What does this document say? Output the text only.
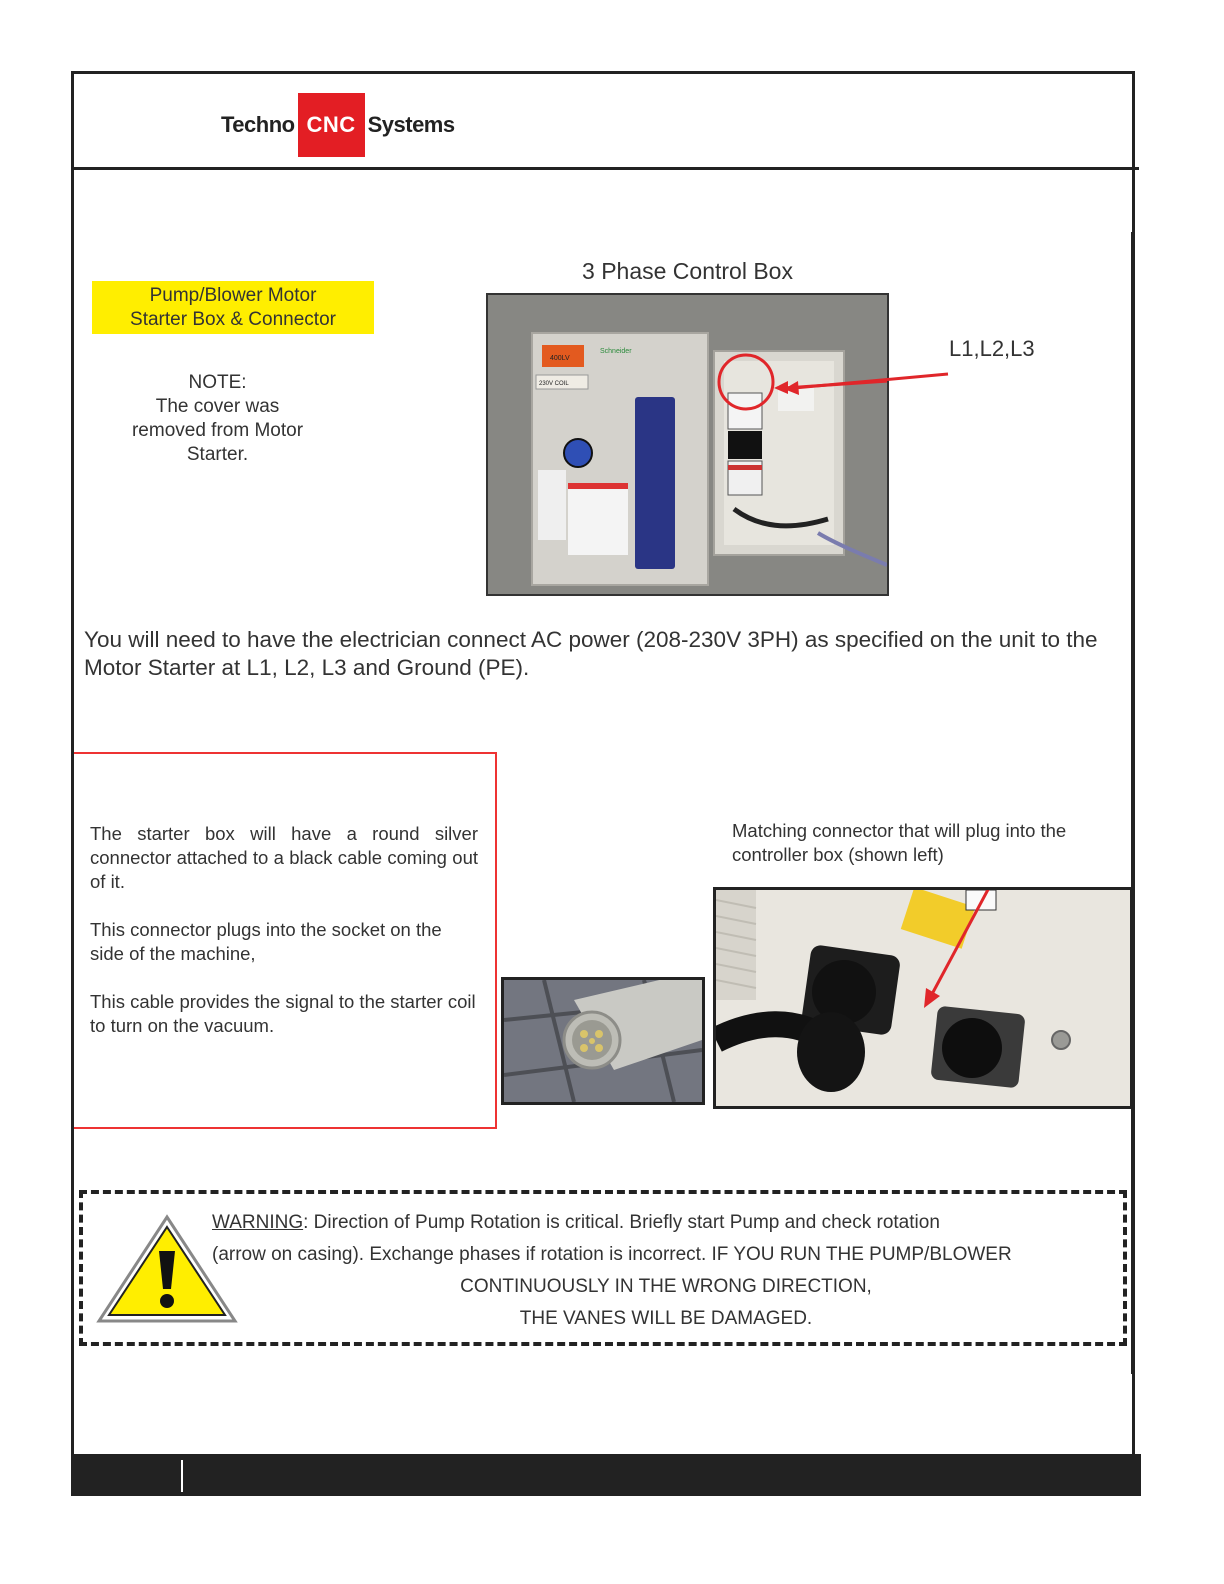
Techno CNC Systems
Pump/Blower Motor
Starter Box & Connector
NOTE:
The cover was
removed from Motor
Starter.
3 Phase Control Box
400LV
230V COIL
Schneider	L1,L2,L3
You will need to have the electrician connect AC power (208-230V 3PH) as specified on the unit to the Motor Starter at L1, L2, L3 and Ground (PE).

The starter box will have a round silver connector attached to a black cable coming out of it.

This connector plugs into the socket on the side of the machine,

This cable provides the signal to the starter coil to turn on the vacuum.

Matching connector that will plug into the
controller box (shown left)
WARNING: Direction of Pump Rotation is critical. Briefly start Pump and check rotation
(arrow on casing). Exchange phases if rotation is incorrect. IF YOU RUN THE PUMP/BLOWER
CONTINUOUSLY IN THE WRONG DIRECTION,
THE VANES WILL BE DAMAGED.
